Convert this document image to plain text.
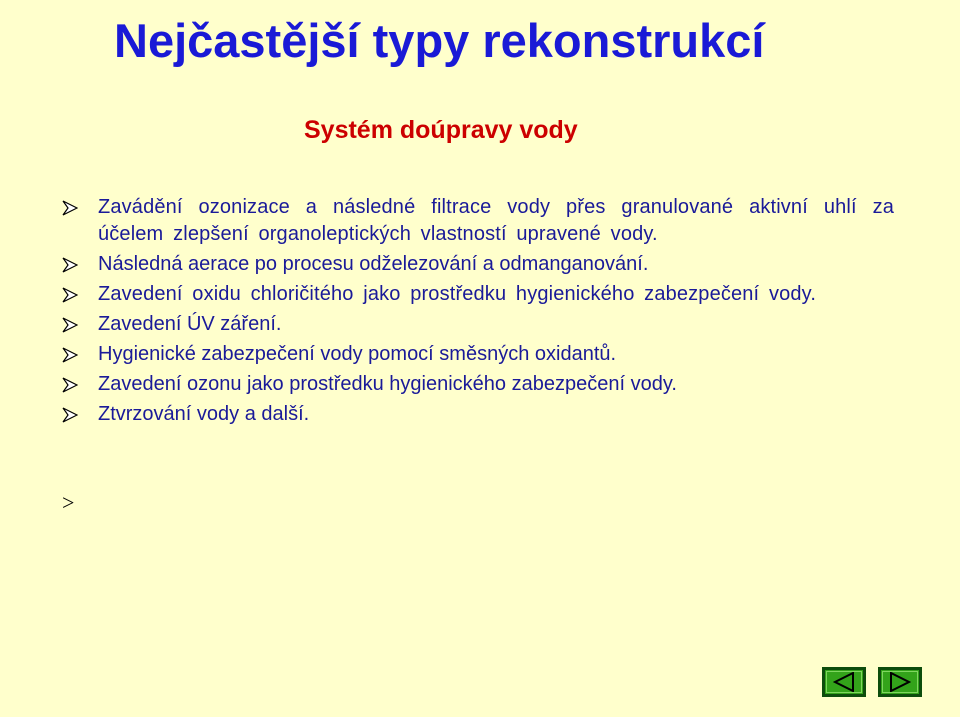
Nejčastější typy rekonstrukcí
Systém doúpravy vody
Zavádění ozonizace a následné filtrace vody přes granulované aktivní uhlí za účelem zlepšení organoleptických vlastností upravené vody.
Následná aerace po procesu odželezování a odmanganování.
Zavedení oxidu chloričitého jako prostředku hygienického zabezpečení vody.
Zavedení ÚV záření.
Hygienické zabezpečení vody pomocí směsných oxidantů.
Zavedení ozonu jako prostředku hygienického zabezpečení vody.
Ztvrzování vody a další.
>
